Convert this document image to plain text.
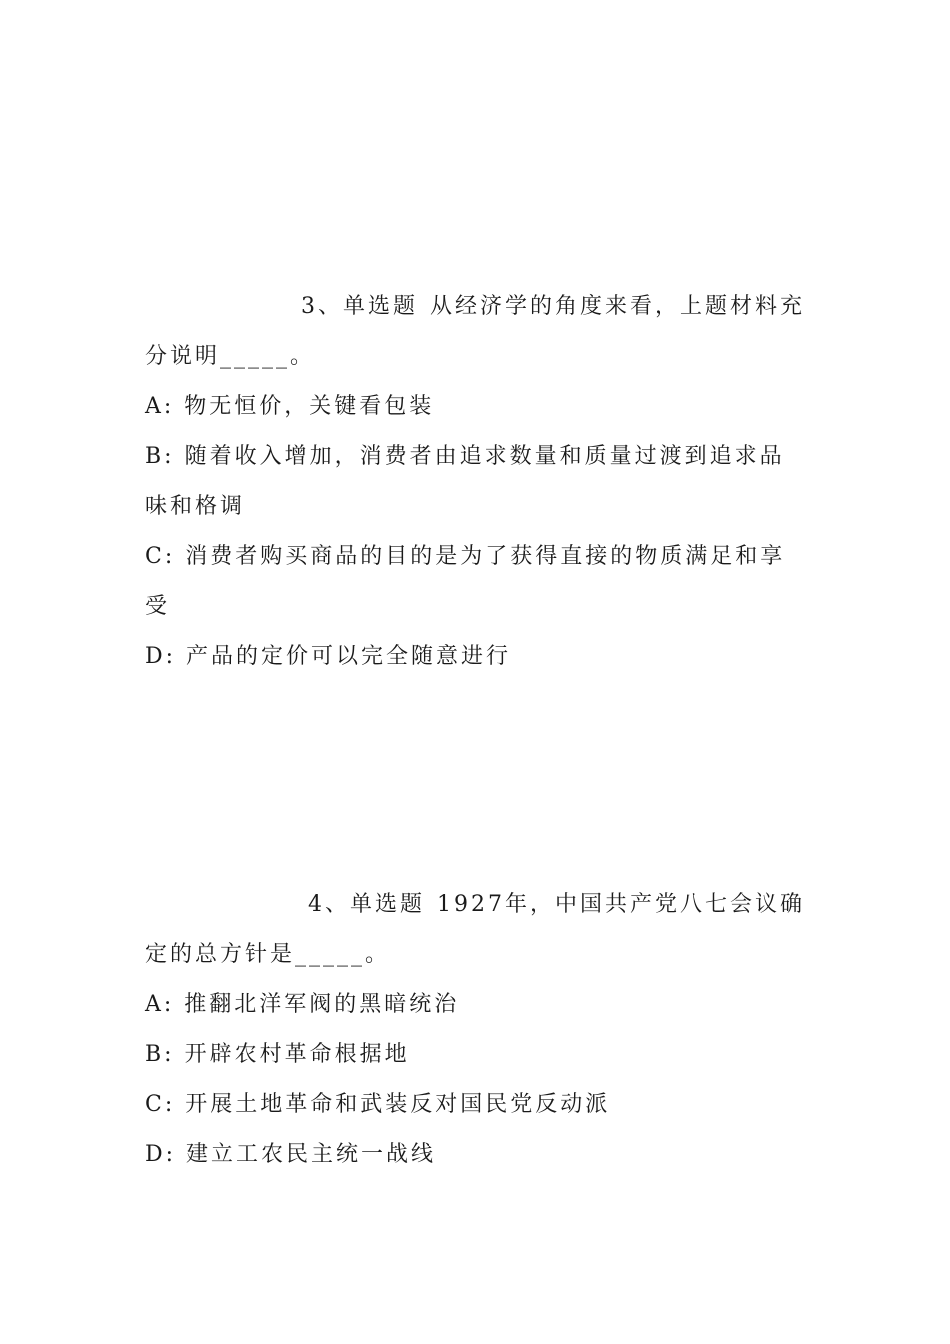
3、单选题 从经济学的角度来看，上题材料充
分说明_____。
A: 物无恒价，关键看包装
B: 随着收入增加，消费者由追求数量和质量过渡到追求品
味和格调
C: 消费者购买商品的目的是为了获得直接的物质满足和享
受
D: 产品的定价可以完全随意进行
4、单选题 1927年，中国共产党八七会议确
定的总方针是_____。
A: 推翻北洋军阀的黑暗统治
B: 开辟农村革命根据地
C: 开展土地革命和武装反对国民党反动派
D: 建立工农民主统一战线
